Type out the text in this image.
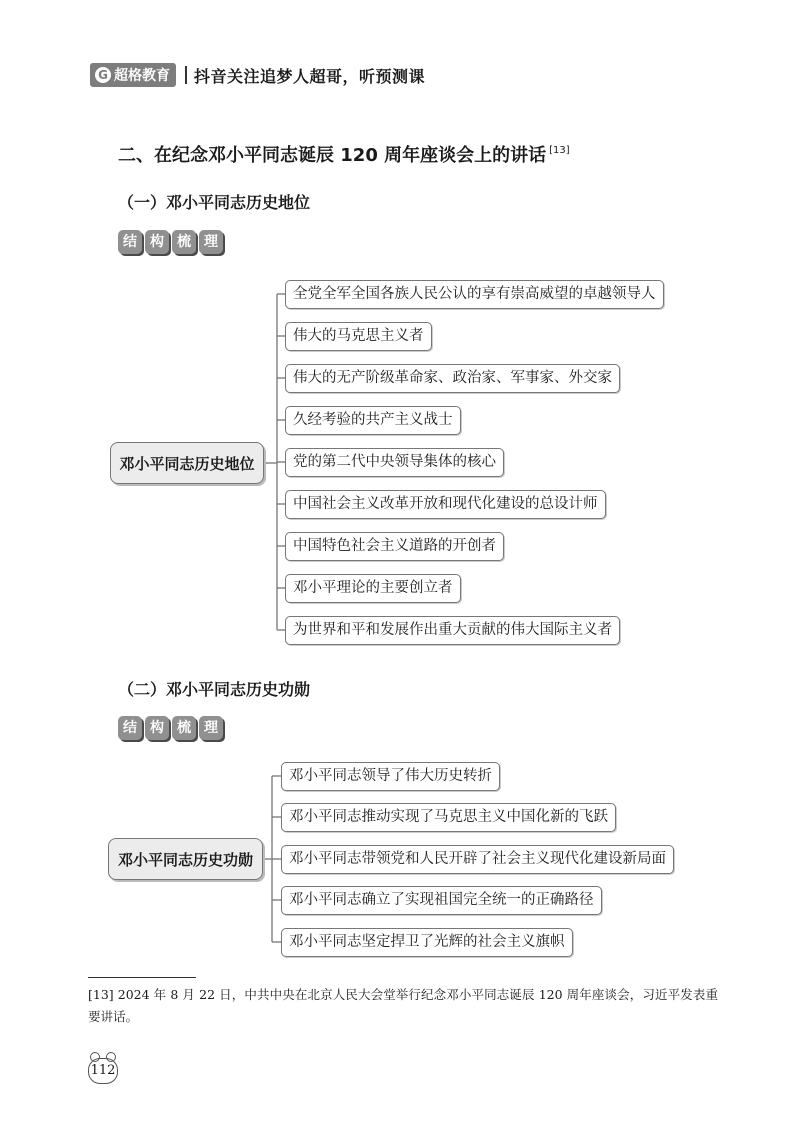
G 超格教育 抖音关注追梦人超哥，听预测课
二、在纪念邓小平同志诞辰 120 周年座谈会上的讲话 [13]
（一）邓小平同志历史地位
结 构 梳 理
邓小平同志历史地位
全党全军全国各族人民公认的享有崇高威望的卓越领导人
伟大的马克思主义者
伟大的无产阶级革命家、政治家、军事家、外交家
久经考验的共产主义战士
党的第二代中央领导集体的核心
中国社会主义改革开放和现代化建设的总设计师
中国特色社会主义道路的开创者
邓小平理论的主要创立者
为世界和平和发展作出重大贡献的伟大国际主义者
（二）邓小平同志历史功勋
结 构 梳 理
邓小平同志历史功勋
邓小平同志领导了伟大历史转折
邓小平同志推动实现了马克思主义中国化新的飞跃
邓小平同志带领党和人民开辟了社会主义现代化建设新局面
邓小平同志确立了实现祖国完全统一的正确路径
邓小平同志坚定捍卫了光辉的社会主义旗帜
[13] 2024 年 8 月 22 日，中共中央在北京人民大会堂举行纪念邓小平同志诞辰 120 周年座谈会，习近平发表重要讲话。
112
